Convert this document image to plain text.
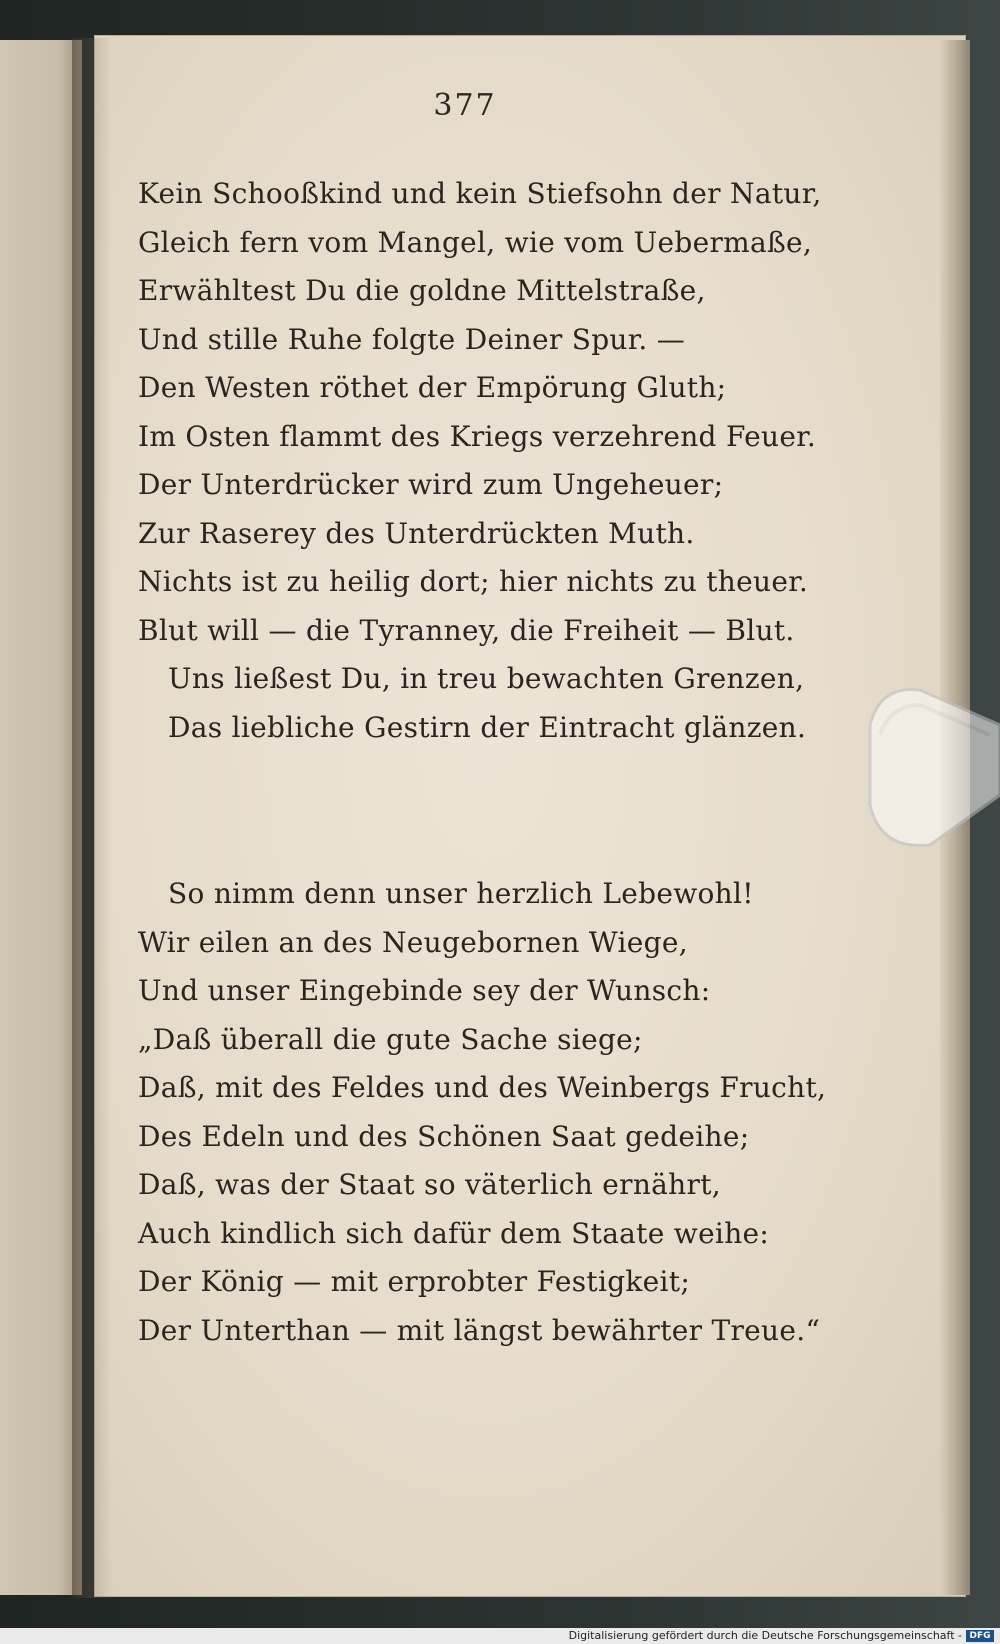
377
Kein Schooßkind und kein Stiefsohn der Natur,
Gleich fern vom Mangel, wie vom Uebermaße,
Erwähltest Du die goldne Mittelstraße,
Und stille Ruhe folgte Deiner Spur. —
Den Westen röthet der Empörung Gluth;
Im Osten flammt des Kriegs verzehrend Feuer.
Der Unterdrücker wird zum Ungeheuer;
Zur Raserey des Unterdrückten Muth.
Nichts ist zu heilig dort; hier nichts zu theuer.
Blut will — die Tyranney, die Freiheit — Blut.
Uns ließest Du, in treu bewachten Grenzen,
Das liebliche Gestirn der Eintracht glänzen.
So nimm denn unser herzlich Lebewohl!
Wir eilen an des Neugebornen Wiege,
Und unser Eingebinde sey der Wunsch:
„Daß überall die gute Sache siege;
Daß, mit des Feldes und des Weinbergs Frucht,
Des Edeln und des Schönen Saat gedeihe;
Daß, was der Staat so väterlich ernährt,
Auch kindlich sich dafür dem Staate weihe:
Der König — mit erprobter Festigkeit;
Der Unterthan — mit längst bewährter Treue.“
Digitalisierung gefördert durch die Deutsche Forschungsgemeinschaft - DFG
